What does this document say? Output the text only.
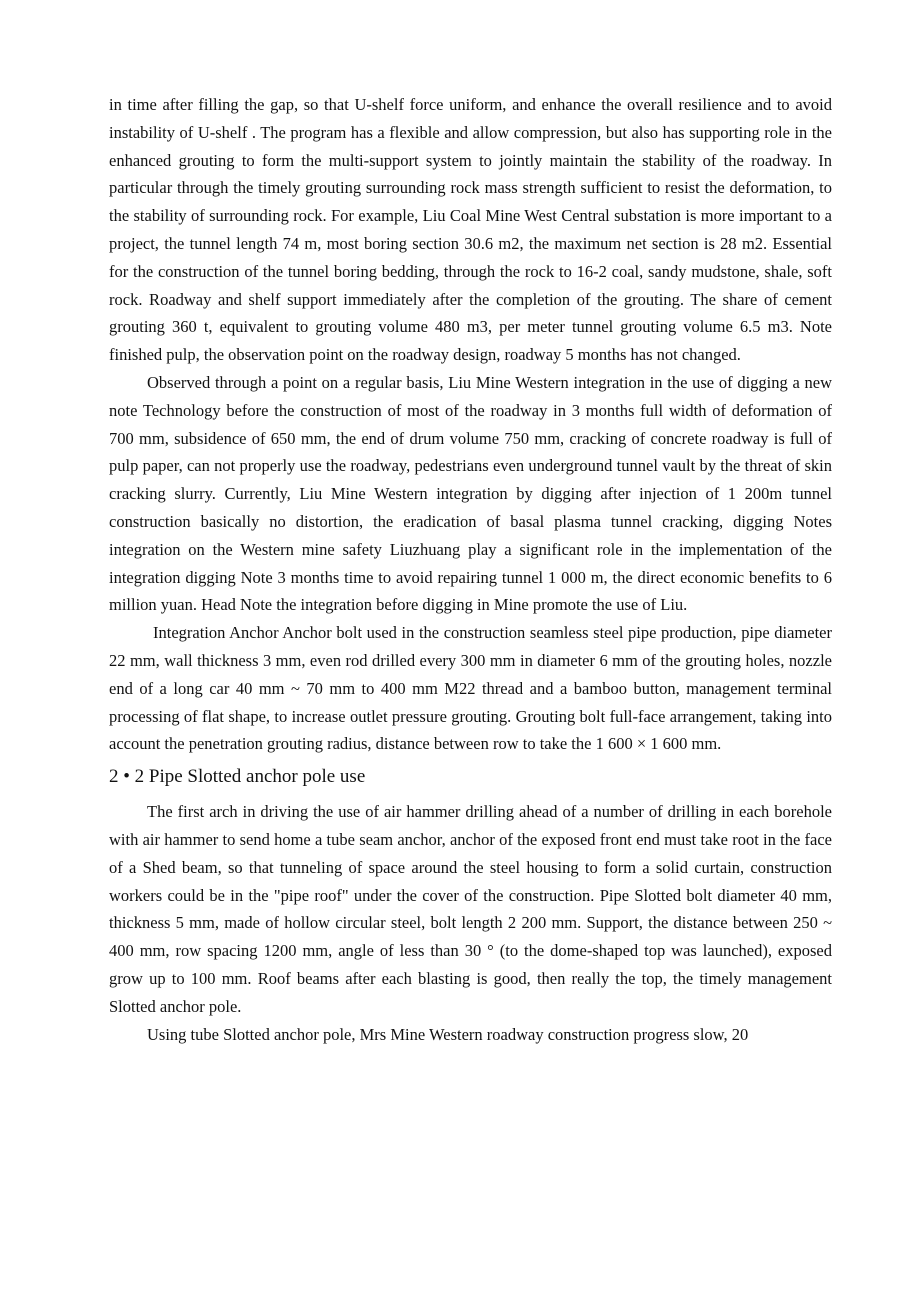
in time after filling the gap, so that U-shelf force uniform, and enhance the overall resilience and to avoid instability of U-shelf . The program has a flexible and allow compression, but also has supporting role in the enhanced grouting to form the multi-support system to jointly maintain the stability of the roadway. In particular through the timely grouting surrounding rock mass strength sufficient to resist the deformation, to the stability of surrounding rock. For example, Liu Coal Mine West Central substation is more important to a project, the tunnel length 74 m, most boring section 30.6 m2, the maximum net section is 28 m2. Essential for the construction of the tunnel boring bedding, through the rock to 16-2 coal, sandy mudstone, shale, soft rock. Roadway and shelf support immediately after the completion of the grouting. The share of cement grouting 360 t, equivalent to grouting volume 480 m3, per meter tunnel grouting volume 6.5 m3. Note finished pulp, the observation point on the roadway design, roadway 5 months has not changed.

Observed through a point on a regular basis, Liu Mine Western integration in the use of digging a new note Technology before the construction of most of the roadway in 3 months full width of deformation of 700 mm, subsidence of 650 mm, the end of drum volume 750 mm, cracking of concrete roadway is full of pulp paper, can not properly use the roadway, pedestrians even underground tunnel vault by the threat of skin cracking slurry. Currently, Liu Mine Western integration by digging after injection of 1 200m tunnel construction basically no distortion, the eradication of basal plasma tunnel cracking, digging Notes integration on the Western mine safety Liuzhuang play a significant role in the implementation of the integration digging Note 3 months time to avoid repairing tunnel 1 000 m, the direct economic benefits to 6 million yuan. Head Note the integration before digging in Mine promote the use of Liu.

Integration Anchor Anchor bolt used in the construction seamless steel pipe production, pipe diameter 22 mm, wall thickness 3 mm, even rod drilled every 300 mm in diameter 6 mm of the grouting holes, nozzle end of a long car 40 mm ~ 70 mm to 400 mm M22 thread and a bamboo button, management terminal processing of flat shape, to increase outlet pressure grouting. Grouting bolt full-face arrangement, taking into account the penetration grouting radius, distance between row to take the 1 600 × 1 600 mm.

2 • 2 Pipe Slotted anchor pole use

The first arch in driving the use of air hammer drilling ahead of a number of drilling in each borehole with air hammer to send home a tube seam anchor, anchor of the exposed front end must take root in the face of a Shed beam, so that tunneling of space around the steel housing to form a solid curtain, construction workers could be in the "pipe roof" under the cover of the construction. Pipe Slotted bolt diameter 40 mm, thickness 5 mm, made of hollow circular steel, bolt length 2 200 mm. Support, the distance between 250 ~ 400 mm, row spacing 1200 mm, angle of less than 30 ° (to the dome-shaped top was launched), exposed grow up to 100 mm. Roof beams after each blasting is good, then really the top, the timely management Slotted anchor pole.

Using tube Slotted anchor pole, Mrs Mine Western roadway construction progress slow, 20
